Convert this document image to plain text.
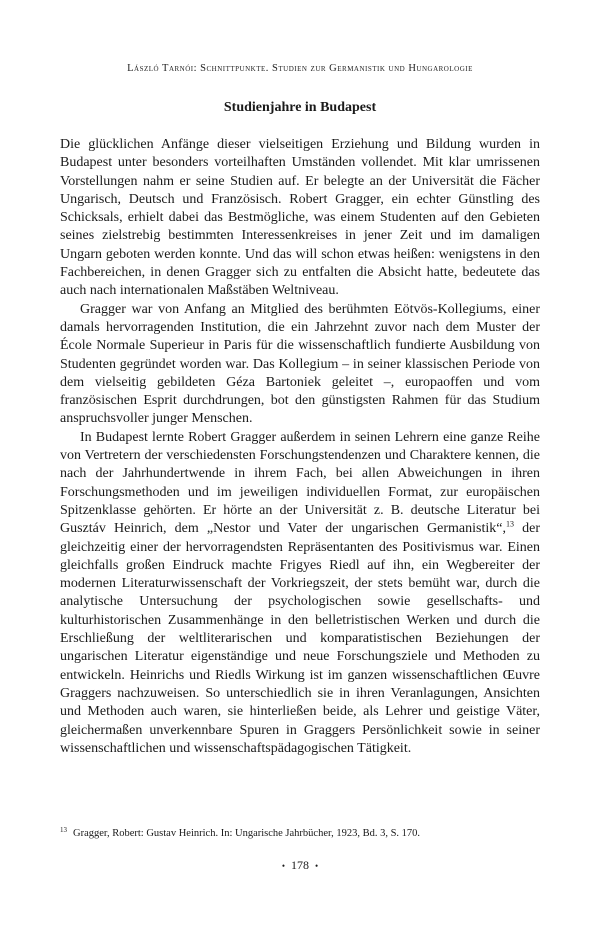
László Tarnói: Schnittpunkte. Studien zur Germanistik und Hungarologie
Studienjahre in Budapest

Die glücklichen Anfänge dieser vielseitigen Erziehung und Bildung wurden in Budapest unter besonders vorteilhaften Umständen vollendet. Mit klar umrissenen Vorstellungen nahm er seine Studien auf. Er belegte an der Universität die Fächer Ungarisch, Deutsch und Französisch. Robert Gragger, ein echter Günstling des Schicksals, erhielt dabei das Bestmögliche, was einem Studenten auf den Gebieten seines zielstrebig bestimmten Interessenkreises in jener Zeit und im damaligen Ungarn geboten werden konnte. Und das will schon etwas heißen: wenigstens in den Fachbereichen, in denen Gragger sich zu entfalten die Absicht hatte, bedeutete das auch nach internationalen Maßstäben Weltniveau.

Gragger war von Anfang an Mitglied des berühmten Eötvös-Kollegiums, einer damals hervorragenden Institution, die ein Jahrzehnt zuvor nach dem Muster der École Normale Superieur in Paris für die wissenschaftlich fundierte Ausbildung von Studenten gegründet worden war. Das Kollegium – in seiner klassischen Periode von dem vielseitig gebildeten Géza Bartoniek geleitet –, europaoffen und vom französischen Esprit durchdrungen, bot den günstigsten Rahmen für das Studium anspruchsvoller junger Menschen.

In Budapest lernte Robert Gragger außerdem in seinen Lehrern eine ganze Reihe von Vertretern der verschiedensten Forschungstendenzen und Charaktere kennen, die nach der Jahrhundertwende in ihrem Fach, bei allen Abweichungen in ihren Forschungsmethoden und im jeweiligen individuellen Format, zur europäischen Spitzenklasse gehörten. Er hörte an der Universität z. B. deutsche Literatur bei Gusztáv Heinrich, dem „Nestor und Vater der ungarischen Germanistik“,$^{13}$ der gleichzeitig einer der hervorragendsten Repräsentanten des Positivismus war. Einen gleichfalls großen Eindruck machte Frigyes Riedl auf ihn, ein Wegbereiter der modernen Literaturwissenschaft der Vorkriegszeit, der stets bemüht war, durch die analytische Untersuchung der psychologischen sowie gesellschafts- und kulturhistorischen Zusammenhänge in den belletristischen Werken und durch die Erschließung der weltliterarischen und komparatistischen Beziehungen der ungarischen Literatur eigenständige und neue Forschungsziele und Methoden zu entwickeln. Heinrichs und Riedls Wirkung ist im ganzen wissenschaftlichen Œuvre Graggers nachzuweisen. So unterschiedlich sie in ihren Veranlagungen, Ansichten und Methoden auch waren, sie hinterließen beide, als Lehrer und geistige Väter, gleichermaßen unverkennbare Spuren in Graggers Persönlichkeit sowie in seiner wissenschaftlichen und wissenschaftspädagogischen Tätigkeit.

$^{13}$ Gragger, Robert: Gustav Heinrich. In: Ungarische Jahrbücher, 1923, Bd. 3, S. 170.
• 178 •
